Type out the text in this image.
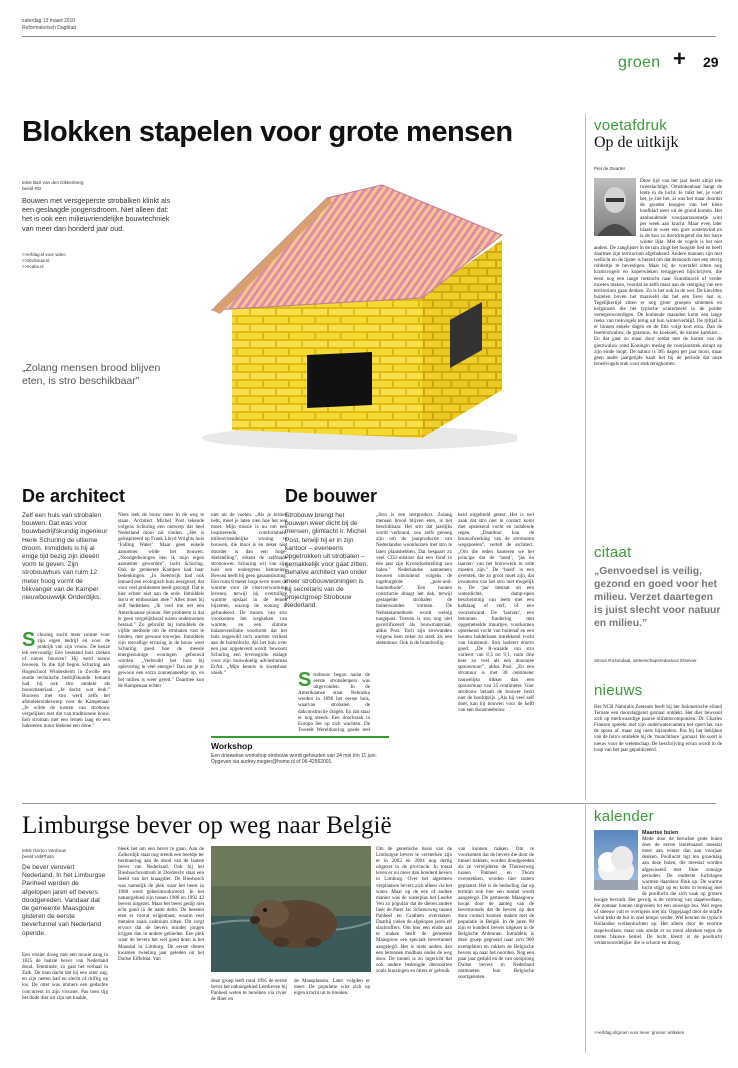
zaterdag 13 maart 2010
Reformatorisch Dagblad
groen + 29
Blokken stapelen voor grote mensen
tekst Bart van den Dikkenberg
beeld RD
Bouwen met versgeperste strobalken klinkt als een geslaagde jongensdroom. Niet alleen dat: het is ook een milieuvriendelijke bouwtechniek van meer dan honderd jaar oud.
>>erfdag.nl voor video
>>strobouw.nl
>>ecabs.nl
„Zolang mensen brood blijven eten, is stro beschikbaar”
De architect
Zelf een huis van strobalen bouwen. Dat was voor bouwbedrijfskundig ingenieur Henk Schuring de ultieme droom. Inmiddels is hij al enige tijd bezig zijn ideeën vorm te geven. Zijn strobouwhuis van ruim 12 meter hoog vormt de blikvanger van de Kamper nieuwbouwwijk Onderdijks.
Schuring zocht meer ruimte voor zijn eigen bedrijf en voor de praktijk van zijn vrouw. De keuze lek eenvoudig: Een bestaand huis zoeken of nieuw bouwen? Hij werd nieuw bouwen. In die tijd begon Schuring aan Hogeschool Windesheim in Zwolle een studie technische bedrijfskunde. Iemand had bij ook stro ontdekt als bouwmateriaal. „Je dacht: wat leuk.” Bouwen met stro werd zelfs het afstudeeronderwerp voor de Kampenaar. „Je wilde de kosten van strobouw vergelijken met die van traditionele bouw. Een stroman met een lemen laag en een bakstenen muur blekene een done.”
Niets leek de bouw meer in de weg te staan. Architect Michel Post tekende volgens Schuring een ontwerp dat heel Nederland mooi zal vinden. „Het is geïnspireerd op Frank Lloyd Wrights huis ‘Falling Water’. Maar geen enkele aannemer wilde het bouwen. „Noodgedwongen ben ik mijn eigen aannemer geworden”, lacht Schuring. Ook de gemeente Kampen had haar bedenkingen. „In Steenwijk had ook iemand een ecologisch huis neergezet, dat voor veel problemen heeft gezorgd. Dat is hier echter niet aan de orde. Inmiddels dorst er enthousiast mee.” Alles moet bij zelf bedenken. „Ik voel me net een Amerikaanse pionier. Het probleem is dat er geen vergelijkbaral waren ondernomen bestaat.” Zo gebruikt hij inmiddels de vijfde methode om de strobalen vast te binden, met gewone touwtjes. Inmiddels zijn toevallige ervaring in de bouw weet Schuring goed hoe de meeste energiezuinige woningen gebouwd worden. „Verbruikt het huis bij oplevering te veel energie? Dan zet je er gewoon een extra zonnepaneeltje op, en het milieu is weer gered.” Daarmee kon de Kampenaar echter
niet uit de voeten. „Als je kritiek hebt, moet je laten zien hoe het wel moet. Mijn missie is nu om een inspirerende, comfortabele, milieuvriendelijke woning te bouwen, die mooi is en zeker niet duurder is dan een hoge-deelstelling”, erkent de zelfmade strobouwer. Schuring wil van zijn huis een ondergrens bemoeien. Bewust heeft hij geen gasaansluiting. Een ruim 8 meter hoge serre moet de warmte voor de vloerverwarming leveren, terwijl hij overtollige warmte opslaat in de lemen bijzetten, waarop de woning is gefundeerd. De muren van stro voorkomen het wegkeken van warmte, en een slimme balansventilatie voorkomt dat het huis ongewild toch warmte verliest aan de buitenlucht. Als het huis over een jaar opgeleverd wordt, bewoont Schuring een levensgrote etalage voor zijn bouwdoelig adviesbureau ErAtt. „Mijn kennis is kwetsbaar uniek.”
Workshop
Een driewekse workshop strobouw wordt gehouden van 24 mei t/m 11 juni. Opgeven via audrey.megen@home.nl of 06-42562001.
De bouwer
Strobouw brengt het bouwen weer dicht bij de mensen, glimlacht ir. Michel Post, terwijl hij er in zijn kantoor – eveneens opgetrokken uit strobalen – gemakkelijk voor gaat zitten. Behalve architect van onder meer strobouwwoningen is hij secretaris van de projectgroep Strobouw Nederland.
Strobouw begon nadat de eerste strobalenpers was uitgevonden. In de Amerikaanse staat Nebraska werden in 1896 het eerste huis, waarvan strobalen de dakconstructie dragen. En dat staat er nog steeds. Een doorbraak in Europa liet op zich wachten. De Tweede Wereldoorlog goede reel
„Stro is een restproduct. Zolang mensen brood blijven eten, is het beschikbaar. Het stro dat jaarlijks wordt verbrand, zou zelfs genoeg zijn om de jaarproductie van Nederlandse woonhuizen met stro te laten plaatshebben. Dat bespaart zo veel CO2-uitstoot dat een fond in één jaar zijn Kyotodoelstelling zou halen.” Nederlandse aannemers bouwen uitsluitend volgens de ingeburgerde „post-und-baumethode”. Een houten constructie draagt het dak, terwijl gestapelde strobalen de buitenwanden vormen. De Nebraskamethode wordt weinig toegepast. Toeven is stro nog niet gecertificeerd als bouwmateriaal, aldus Post. Toch zijn strowanden volgens hem zeker zo sterk als een steenmuur. Ook is de brandveilig-
heid uitgebreid getest. Het is wel zaak dat stro niet in contact komt met opstekend vocht en indalende regen. „Daardoor kan de bouwafwerking van de stromuren wegspoelen”, vertelt de architect. „Om die reden hanteren we het principe dat de ‘hoed’, ‘jas en laarzen’ van het bouwwerk in orde moeten zijn.” De ‘hoed’ is een overstek, die zo groot moet zijn, dat inwateren van het stro niet mogelijk is. De ‘jas’ bestaat uit een waterdichte, damp-open bescherming van leem met een kalklaag of verf, of een voorzetwand. De ‘laarzen’, een betonnen fundering met opgemetselde muurtjes, voorkomen opstekend vocht van buitenaf en een houten balderbaan intrekkend vocht van binnenuit. Stro isoleert enorm goed. „De R-waarde van stro varieert van 8,3 tot 9,1, ruim drie keer zo veel als een doorsnee spouwmuur”, aldus Post. „En een stromuur is met 38 centimeter nauwelijks dikker dan een spouwmuur van 35 centimeter. Voor strobouw betaalt de bouwer bezit niet de hoofdprijs. „Als hij veel zelf doet, kan hij bouwen voor de helft van een doorsneebouw.
voetafdruk
Op de uitkijk
Piet de Zwarter
Deze tijd van het jaar heeft altijd iets tweeslachtigs. Omstokenbaar hangt de lente in de lucht. Je ruikt het, je voelt het, je ziet het, al was het maar doordat de gouden knopjes van het klein hoefblad weer uit de grond komen. Het aanhoudende voorjaarszonnetje wint per week aan kracht. Maar even later blaast er weer een gure oostenwind en is de koo zo doordringend dat het barre winter lijkt. Met de vogels is het niet anders. De zanglijster in de tuin zingt het hoogste lied en heeft daarmee zijn territorium afgebakend. Andere mannen zijn met wellicht en de lijster is bereid om dat desnoods met een stevig robbertje te bevestigen. Maar bij de voertafel zitten nog kramsvogels en koperwieken teruggeved bijschrijven, die eerst nog een lange trektocht naar Scandinavië of verder moeten maken, voordat ze zelfs maar aan de vestiging van een territorium gaan denken. Zo is het ook in de wei. De kievitten buitelen boven het maaiveld dat het een lieve lust is. Tegelijkertijd zitten er nog grote groepen smienten en kolganzen die het typische winterbeeld in de polder vertegenwoordigen. De komende maanden komt een lange reeks van trekvogels terug uit hun winterverblijf. De tjiftjaf is er binnen enkele dagen en de fitis volgt kort erna. Dan de boerenzwaluw, de grasmus, de koekoek, de kleine karekiet… En dat gaat zo maar door totdat met de komst van de gierzwaluw rond Koningin medag de voorjaarstrek abrupt op zijn einde loopt. De natuur is 365 dagen per jaar mooi, maar geen ander jaargetijde haalt het bij de periode dat onze broedvogels stuk voor stuk terugkomen.
citaat
„Genvoedsel is veilig, gezond en goed voor het milieu. Verzet daartegen is juist slecht voor natuur en milieu.”
Simon Rozendaal, wetenschapsredacteur Elsevier
nieuws
Het NCB Naturalis Zeeteam heeft bij het Indonesische eiland Ternate een doorslaggend garnaal ontdekt. Het dier bewoont zich op merkwaardige paarse olifantscomponzen. Dr. Charles Fransen spreekt met zijn onderwatercamera het opervlak van de spons af, maar zag niets bijzonders. Pas bij het bekijken van de foto's ontdekte hij de ‘munchtbare’ garnaal. Bo soort is nieuw voor de wetenschap. De beschrijving ervan wordt in de loop van het jaar gepubliceerd.
Limburgse bever op weg naar België
tekst Gertco Verdouw
beeld VidiPhoto
De bever verovert Nederland. In het Limburgse Panheel werden de afgelopen jaren elf bevers doodgereden. Vandaar dat de gemeente Maasgouw gisteren de eerste beverfunnel van Nederland opende.
Een vissier droeg met een mooie zaag in 1825 de laatste bever van Nederland dood. Tenminste, zo gaat het verhaal in Zalk. De man dacht dat hij een otter zag, en zijn netten had en slecht of driftig op los. De otter was immers een gedachte concurrent in zijn visvater. Pas toen tijg het dode dier uit zijn net haalde,
bleek het om een bever te gaan. Aan de Zalkerdijk staat nog steeds een beeldje ter herinnering aan de dood van de laatste bever van Nederland. Ook bij het Biesboschcentrum in Dordrecht staat een beeld van het knaagdier. De Biesbosch was namelijk de plek waar het beest in 1988 werd geherintroduceerd. In het natuurgebied zijn tussen 1988 en 1992 42 bevers uitgezet. Maar het beest gedijt niet echt goed in de natte delta. De beesten eten er vooral wilgenbast, waarin veel metalen zoals cadmium zitten. Dit zorgt ervoor dat de bevers minder jongen krijgen dan in andere gebieden. Een plek waar de bevers het wel goed doen is het Maasdal in Limburg. De eerste dieren kwamen tweeling jaar geleden uit het Duitse Eiffeldal. Van
deze groep leeft rond 1995 de eerste bever het natuurgebied Leerkeven bij Panheel weten te bereiken via rivier de Roer en
de Maasplassen. Later volgden er meer. De populatie wist zich op eigen kracht uit te breiden.
Om de genetische basis van de Limburgse bevers te versterken zijn er in 2002 en 2004 nog dertig uitgezet in de provincie. In totaal leven er nu meer dan honderd bevers in Limburg. Over het algemeen verplaatsen bevers zich alleen via het water. Maar op de een of andere manier was de waterplas het Leerke Ven zo populair dat de dieren andere lieer de Pater Jac Schreurweg tussen Panheel en Grathem overstaken. Daarbij vielen de afgelopen jaren elf slachtoffers. Om hier een einde aan te maken heeft de gemeente Maasgouw een speciale bevertunnel aangelegd. Het is niets anders dan een betonnen modbuis onder de weg door. De tunnel is zo ingericht dat ook andere bedreigde diersoorten zoals bunzingen en otters er gebruik
van kunnen maken. Om te voorkomen dat de bevers die door de tunnel trekken, worden doodgereden als ze verwijderen de Thornerweg tussen Panheel en Thorn overstekken, worden hier rasters geplaatst. Het is de bedoeling dat op termijn ook hier een tunnel wordt aangelegd. De gemeente Maasgouw hoopt door de aanleg van de bevertunnels dat de bevers op den duur contact kunnen maken met de populatie in België. In de jaren 90 zijn er honderd bevers uitgezet in de Belgische Ardennen. Inmiddels is deze groep gegroeid naar zo'n 900 exemplaren en rukken de Belgische bevers op naar het noorden. Nog een paar jaar geduld en de van oorsprong Duitse bevers in Nederland ontmoeten hun Belgische soortgenoten.
kalender
Maartse buien
Mede door de beruchte grote buien doet de eerste lentemaand meestal meer aan winter dan aan voorjaar denken. Poollucht ligt ten grondslag aan deze buien, die meestal worden afgewisseld met fikse zonnige perioden. De onderste luchtlagen warmen daardoor flink op. De warme lucht stijgt op en komt in botsing met de poollucht die zich vaak op grotere hoogte bevindt. Het gevolg is de vorming van stapelwolken, die zomaar lonnen uitgroeien tot een onweige bui. Wel regen of sneeuw valt er overigens niet uit. Opgejaagd door de straffe wind trekt de bui in snel tempo verder. Wel kennen de typisch Hollandse wolkenluchten op. Het alleen door de enorme stapelwolken, maar ook omdat er zo mooi afsteken tegen de intens blauwe hemel. De lucht kleurt is de poollucht verantwoordelijke: die is schoon en droog.
>>erfdag.nl/groen voor meer ‘groene’ artikelen
